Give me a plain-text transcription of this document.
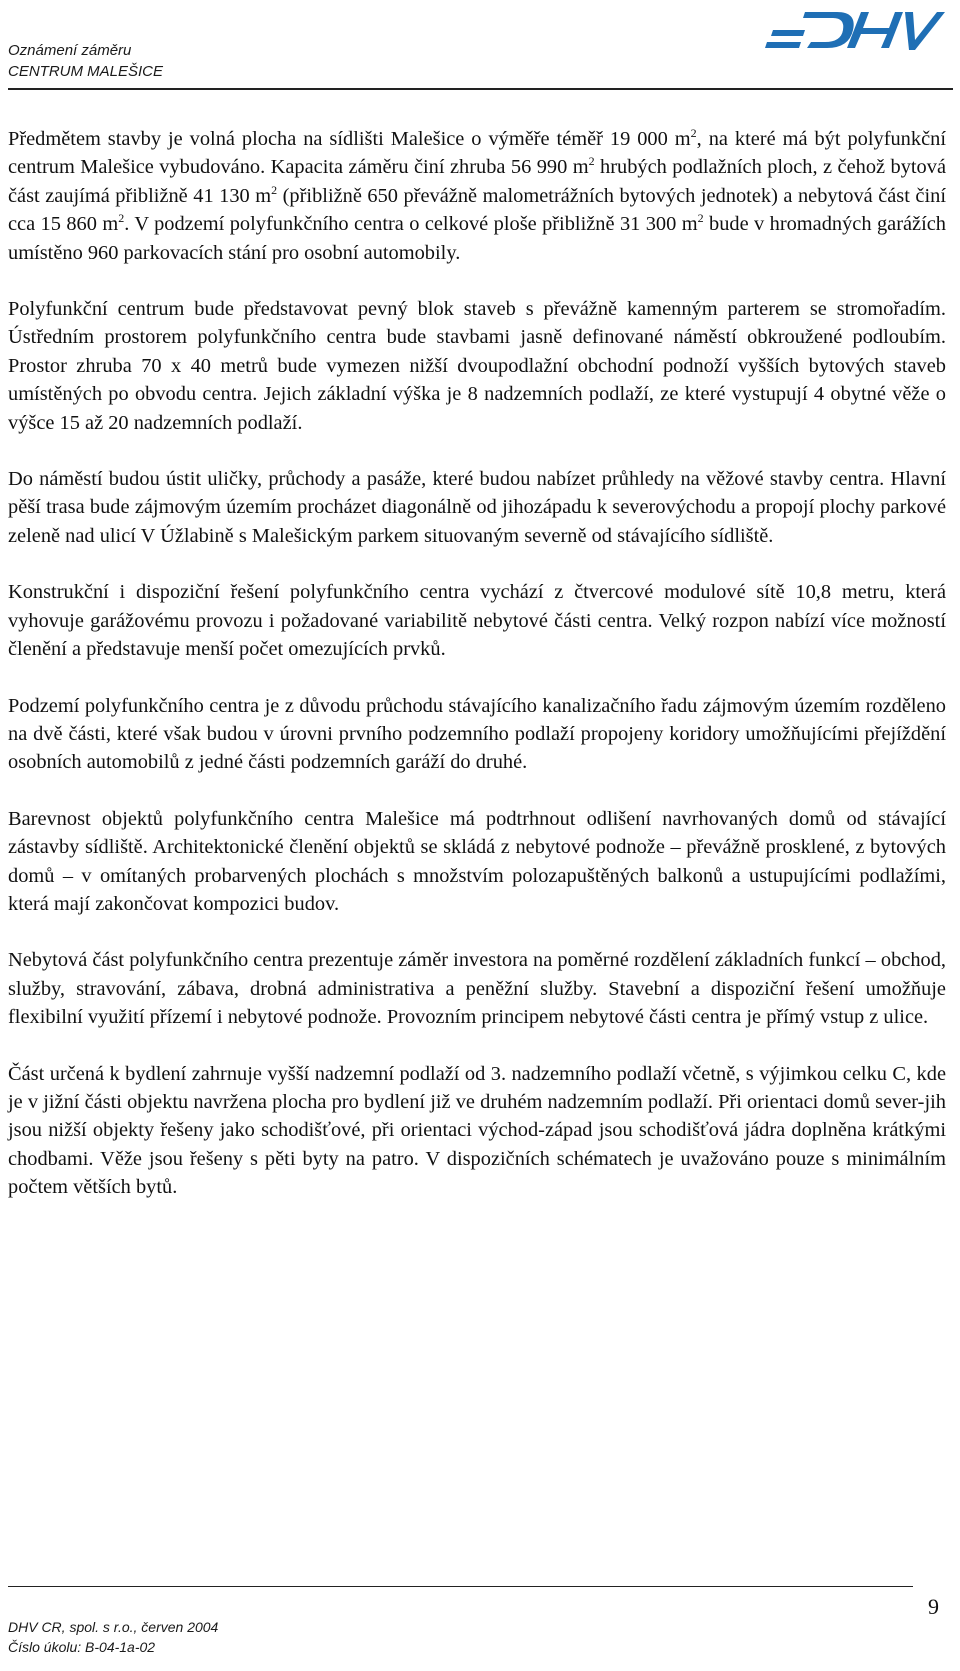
Oznámení záměru
CENTRUM MALEŠICE

Předmětem stavby je volná plocha na sídlišti Malešice o výměře téměř 19 000 $m^2$, na které má být polyfunkční centrum Malešice vybudováno. Kapacita záměru činí zhruba 56 990 $m^2$ hrubých podlažních ploch, z čehož bytová část zaujímá přibližně 41 130 $m^2$ (přibližně 650 převážně malometrážních bytových jednotek) a nebytová část činí cca 15 860 $m^2$. V podzemí polyfunkčního centra o celkové ploše přibližně 31 300 $m^2$ bude v hromadných garážích umístěno 960 parkovacích stání pro osobní automobily.

Polyfunkční centrum bude představovat pevný blok staveb s převážně kamenným parterem se stromořadím. Ústředním prostorem polyfunkčního centra bude stavbami jasně definované náměstí obkroužené podloubím. Prostor zhruba 70 x 40 metrů bude vymezen nižší dvoupodlažní obchodní podnoží vyšších bytových staveb umístěných po obvodu centra. Jejich základní výška je 8 nadzemních podlaží, ze které vystupují 4 obytné věže o výšce 15 až 20 nadzemních podlaží.

Do náměstí budou ústit uličky, průchody a pasáže, které budou nabízet průhledy na věžové stavby centra. Hlavní pěší trasa bude zájmovým územím procházet diagonálně od jihozápadu k severovýchodu a propojí plochy parkové zeleně nad ulicí V Úžlabině s Malešickým parkem situovaným severně od stávajícího sídliště.

Konstrukční i dispoziční řešení polyfunkčního centra vychází z čtvercové modulové sítě 10,8 metru, která vyhovuje garážovému provozu i požadované variabilitě nebytové části centra. Velký rozpon nabízí více možností členění a představuje menší počet omezujících prvků.

Podzemí polyfunkčního centra je z důvodu průchodu stávajícího kanalizačního řadu zájmovým územím rozděleno na dvě části, které však budou v úrovni prvního podzemního podlaží propojeny koridory umožňujícími přejíždění osobních automobilů z jedné části podzemních garáží do druhé.

Barevnost objektů polyfunkčního centra Malešice má podtrhnout odlišení navrhovaných domů od stávající zástavby sídliště. Architektonické členění objektů se skládá z nebytové podnože – převážně prosklené, z bytových domů – v omítaných probarvených plochách s množstvím polozapuštěných balkonů a ustupujícími podlažími, která mají zakončovat kompozici budov.

Nebytová část polyfunkčního centra prezentuje záměr investora na poměrné rozdělení základních funkcí – obchod, služby, stravování, zábava, drobná administrativa a peněžní služby. Stavební a dispoziční řešení umožňuje flexibilní využití přízemí i nebytové podnože. Provozním principem nebytové části centra je přímý vstup z ulice.

Část určená k bydlení zahrnuje vyšší nadzemní podlaží od 3. nadzemního podlaží včetně, s výjimkou celku C, kde je v jižní části objektu navržena plocha pro bydlení již ve druhém nadzemním podlaží. Při orientaci domů sever-jih jsou nižší objekty řešeny jako schodišťové, při orientaci východ-západ jsou schodišťová jádra doplněna krátkými chodbami. Věže jsou řešeny s pěti byty na patro. V dispozičních schématech je uvažováno pouze s minimálním počtem větších bytů.

DHV CR, spol. s r.o., červen 2004
Číslo úkolu: B-04-1a-02
9
